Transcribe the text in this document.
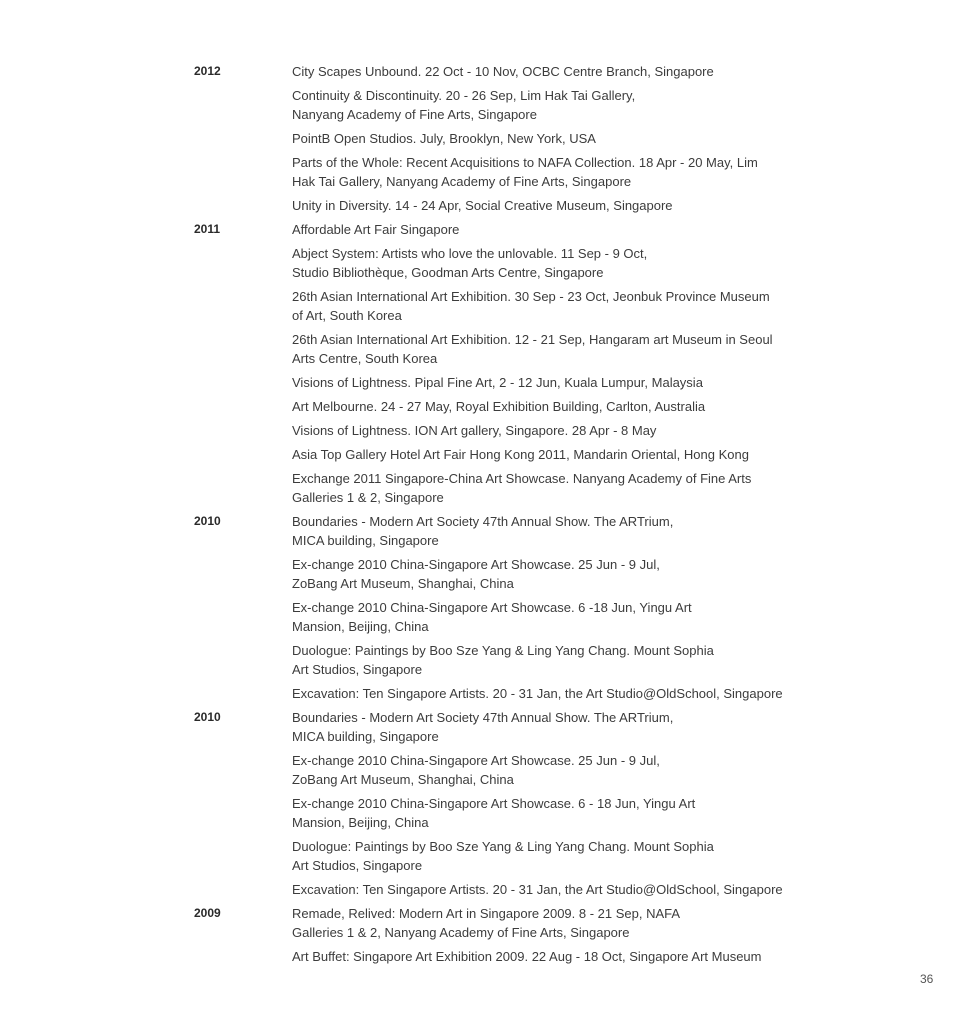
2012	City Scapes Unbound. 22 Oct - 10 Nov, OCBC Centre Branch, Singapore

Continuity & Discontinuity. 20 - 26 Sep, Lim Hak Tai Gallery,
Nanyang Academy of Fine Arts, Singapore

PointB Open Studios. July, Brooklyn, New York, USA

Parts of the Whole: Recent Acquisitions to NAFA Collection. 18 Apr - 20 May, Lim
Hak Tai Gallery, Nanyang Academy of Fine Arts, Singapore

Unity in Diversity. 14 - 24 Apr, Social Creative Museum, Singapore

2011	Affordable Art Fair Singapore

Abject System: Artists who love the unlovable. 11 Sep - 9 Oct,
Studio Bibliothèque, Goodman Arts Centre, Singapore

26th Asian International Art Exhibition. 30 Sep - 23 Oct, Jeonbuk Province Museum
of Art, South Korea

26th Asian International Art Exhibition. 12 - 21 Sep, Hangaram art Museum in Seoul
Arts Centre, South Korea

Visions of Lightness. Pipal Fine Art, 2 - 12 Jun, Kuala Lumpur, Malaysia

Art Melbourne. 24 - 27 May, Royal Exhibition Building, Carlton, Australia

Visions of Lightness. ION Art gallery, Singapore. 28 Apr - 8 May

Asia Top Gallery Hotel Art Fair Hong Kong 2011, Mandarin Oriental, Hong Kong

Exchange 2011 Singapore-China Art Showcase. Nanyang Academy of Fine Arts
Galleries 1 & 2, Singapore

2010	Boundaries - Modern Art Society 47th Annual Show. The ARTrium,
MICA building, Singapore

Ex-change 2010 China-Singapore Art Showcase. 25 Jun - 9 Jul,
ZoBang Art Museum, Shanghai, China

Ex-change 2010 China-Singapore Art Showcase. 6 -18 Jun, Yingu Art
Mansion, Beijing, China

Duologue: Paintings by Boo Sze Yang & Ling Yang Chang. Mount Sophia
Art Studios, Singapore

Excavation: Ten Singapore Artists. 20 - 31 Jan, the Art Studio@OldSchool, Singapore

2010	Boundaries - Modern Art Society 47th Annual Show. The ARTrium,
MICA building, Singapore

Ex-change 2010 China-Singapore Art Showcase. 25 Jun - 9 Jul,
ZoBang Art Museum, Shanghai, China

Ex-change 2010 China-Singapore Art Showcase. 6 - 18 Jun, Yingu Art
Mansion, Beijing, China

Duologue: Paintings by Boo Sze Yang & Ling Yang Chang. Mount Sophia
Art Studios, Singapore

Excavation: Ten Singapore Artists. 20 - 31 Jan, the Art Studio@OldSchool, Singapore

2009	Remade, Relived: Modern Art in Singapore 2009. 8 - 21 Sep, NAFA
Galleries 1 & 2, Nanyang Academy of Fine Arts, Singapore

Art Buffet: Singapore Art Exhibition 2009. 22 Aug - 18 Oct, Singapore Art Museum

36
